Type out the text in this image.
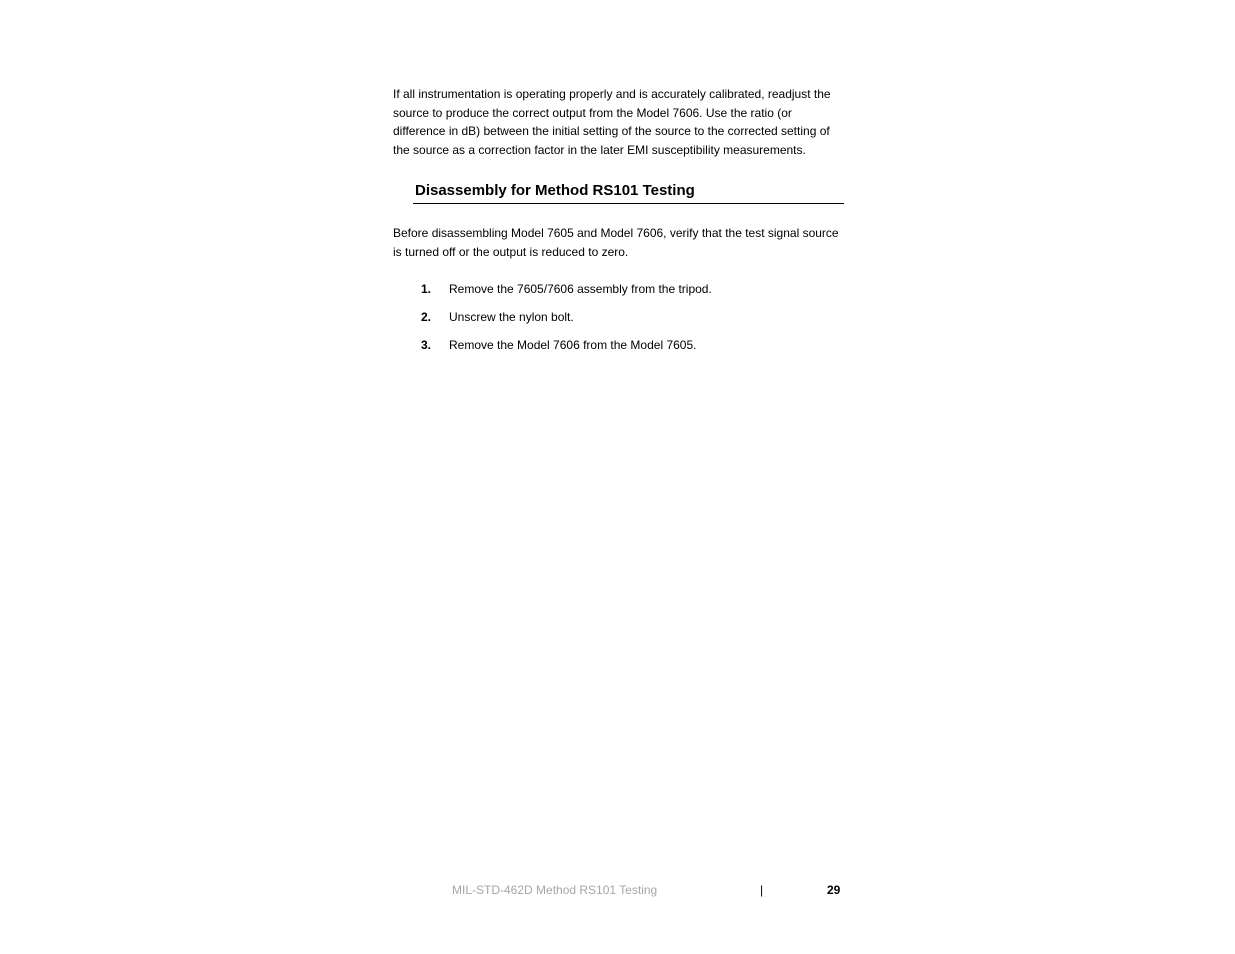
If all instrumentation is operating properly and is accurately calibrated, readjust the source to produce the correct output from the Model 7606. Use the ratio (or difference in dB) between the initial setting of the source to the corrected setting of the source as a correction factor in the later EMI susceptibility measurements.

Disassembly for Method RS101 Testing

Before disassembling Model 7605 and Model 7606, verify that the test signal source is turned off or the output is reduced to zero.

1.	Remove the 7605/7606 assembly from the tripod.
2.	Unscrew the nylon bolt.
3.	Remove the Model 7606 from the Model 7605.
MIL-STD-462D Method RS101 Testing	|	29
